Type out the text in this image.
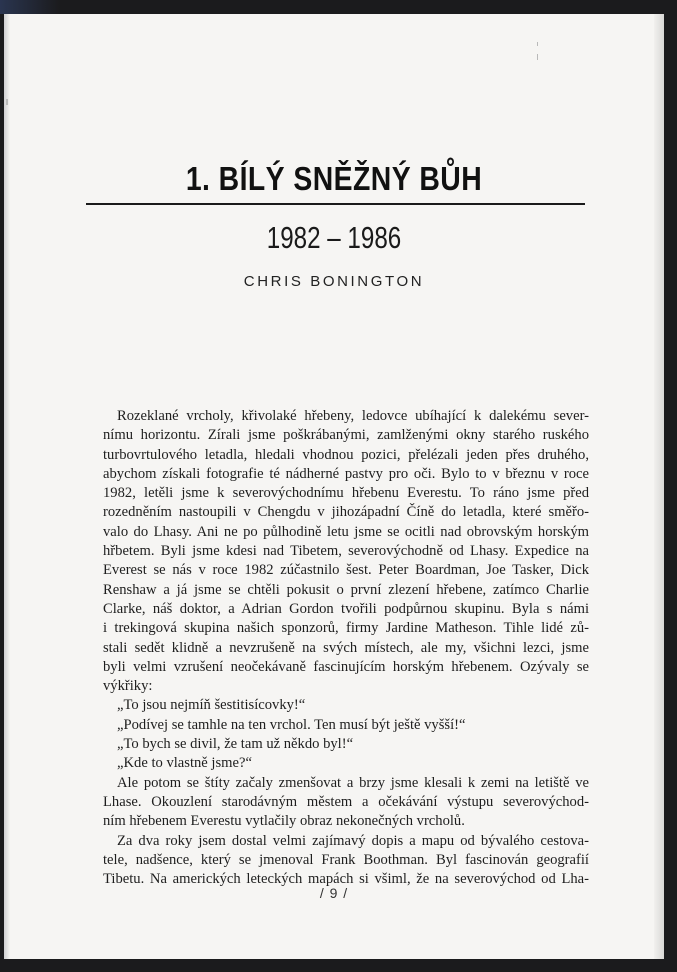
1. BÍLÝ SNĚŽNÝ BŮH
1982 – 1986
CHRIS BONINGTON
Rozeklané vrcholy, křivolaké hřebeny, ledovce ubíhající k dalekému sever-
nímu horizontu. Zírali jsme poškrábanými, zamlženými okny starého ruského
turbovrtulového letadla, hledali vhodnou pozici, přelézali jeden přes druhého,
abychom získali fotografie té nádherné pastvy pro oči. Bylo to v březnu v roce
1982, letěli jsme k severovýchodnímu hřebenu Everestu. To ráno jsme před
rozedněním nastoupili v Chengdu v jihozápadní Číně do letadla, které směřo-
valo do Lhasy. Ani ne po půlhodině letu jsme se ocitli nad obrovským horským
hřbetem. Byli jsme kdesi nad Tibetem, severovýchodně od Lhasy. Expedice na
Everest se nás v roce 1982 zúčastnilo šest. Peter Boardman, Joe Tasker, Dick
Renshaw a já jsme se chtěli pokusit o první zlezení hřebene, zatímco Charlie
Clarke, náš doktor, a Adrian Gordon tvořili podpůrnou skupinu. Byla s námi
i trekingová skupina našich sponzorů, firmy Jardine Matheson. Tihle lidé zů-
stali sedět klidně a nevzrušeně na svých místech, ale my, všichni lezci, jsme
byli velmi vzrušení neočekávaně fascinujícím horským hřebenem. Ozývaly se
výkřiky:
„To jsou nejmíň šestitisícovky!“
„Podívej se tamhle na ten vrchol. Ten musí být ještě vyšší!“
„To bych se divil, že tam už někdo byl!“
„Kde to vlastně jsme?“
Ale potom se štíty začaly zmenšovat a brzy jsme klesali k zemi na letiště ve
Lhase. Okouzlení starodávným městem a očekávání výstupu severovýchod-
ním hřebenem Everestu vytlačily obraz nekonečných vrcholů.
Za dva roky jsem dostal velmi zajímavý dopis a mapu od bývalého cestova-
tele, nadšence, který se jmenoval Frank Boothman. Byl fascinován geografií
Tibetu. Na amerických leteckých mapách si všiml, že na severovýchod od Lha-
/ 9 /
